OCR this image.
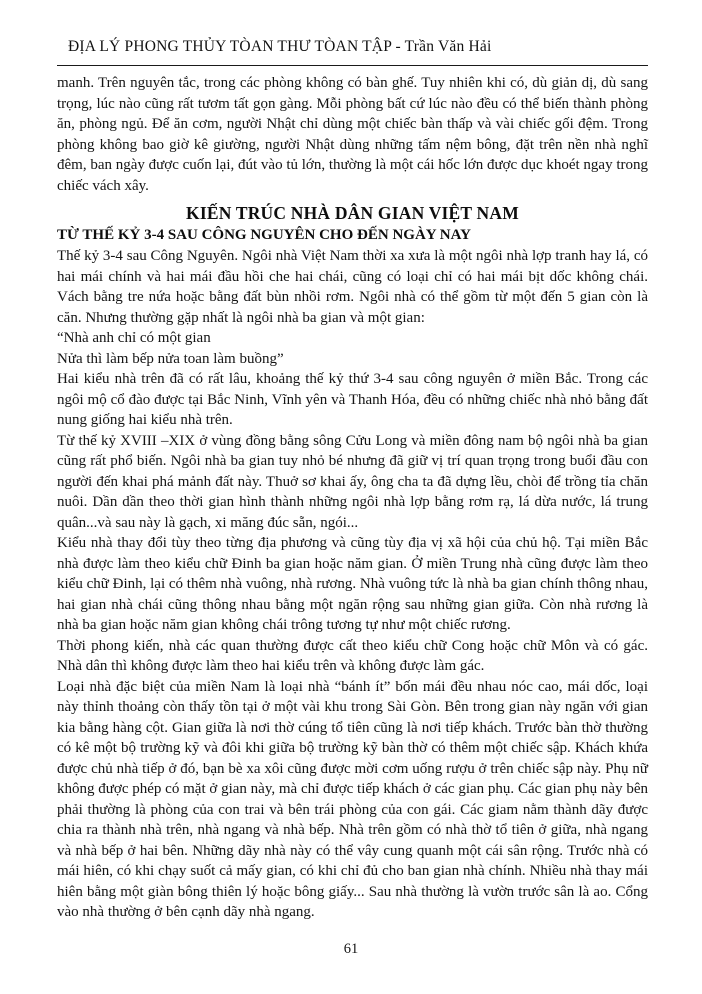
ĐỊA LÝ PHONG THỦY TÒAN THƯ TÒAN TẬP - Trần Văn Hải

manh. Trên nguyên tắc, trong các phòng không có bàn ghế. Tuy nhiên khi có, dù giản dị, dù sang trọng, lúc nào cũng rất tươm tất gọn gàng. Mỗi phòng bất cứ lúc nào đều có thể biến thành phòng ăn, phòng ngủ. Để ăn cơm, người Nhật chỉ dùng một chiếc bàn thấp và vài chiếc gối đệm. Trong phòng không bao giờ kê giường, người Nhật dùng những tấm nệm bông, đặt trên nền nhà nghĩ đêm, ban ngày được cuốn lại, đút vào tủ lớn, thường là một cái hốc lớn được dục khoét ngay trong chiếc vách xây.

KIẾN TRÚC NHÀ DÂN GIAN VIỆT NAM
TỪ THẾ KỶ 3-4 SAU CÔNG NGUYÊN CHO ĐẾN NGÀY NAY

Thế kỷ 3-4 sau Công Nguyên. Ngôi nhà Việt Nam thời xa xưa là một ngôi nhà lợp tranh hay lá, có hai mái chính và hai mái đầu hồi che hai chái, cũng có loại chỉ có hai mái bịt dốc không chái. Vách bằng tre nứa hoặc bằng đất bùn nhồi rơm. Ngôi nhà có thể gồm từ một đến 5 gian còn là căn. Nhưng thường gặp nhất là ngôi nhà ba gian và một gian:

“Nhà anh chỉ có một gian

Nửa thì làm bếp nửa toan làm buồng”

Hai kiểu nhà trên đã có rất lâu, khoảng thế kỷ thứ 3-4 sau công nguyên ở miền Bắc. Trong các ngôi mộ cổ đào được tại Bắc Ninh, Vĩnh yên và Thanh Hóa, đều có những chiếc nhà nhỏ bằng đất nung giống hai kiểu nhà trên.

Từ thế kỷ XVIII –XIX ở vùng đồng bằng sông Cửu Long và miền đông nam bộ ngôi nhà ba gian cũng rất phổ biến. Ngôi nhà ba gian tuy nhỏ bé nhưng đã giữ vị trí quan trọng trong buổi đầu con người đến khai phá mảnh đất này. Thuở sơ khai ấy, ông cha ta đã dựng lều, chòi để trồng tỉa chăn nuôi. Dần dần theo thời gian hình thành những ngôi nhà lợp bằng rơm rạ, lá dừa nước, lá trung quân...và sau này là gạch, xi măng đúc sẵn, ngói...

Kiểu nhà thay đổi tùy theo từng địa phương và cũng tùy địa vị xã hội của chủ hộ. Tại miền Bắc nhà được làm theo kiểu chữ Đinh ba gian hoặc năm gian. Ở miền Trung nhà cũng được làm theo kiểu chữ Đinh, lại có thêm nhà vuông, nhà rương. Nhà vuông tức là nhà ba gian chính thông nhau, hai gian nhà chái cũng thông nhau bằng một ngăn rộng sau những gian giữa. Còn nhà rương là nhà ba gian hoặc năm gian không chái trông tương tự như một chiếc rương.

Thời phong kiến, nhà các quan thường được cất theo kiểu chữ Cong hoặc chữ Môn và có gác. Nhà dân thì không được làm theo hai kiểu trên và không được làm gác.

Loại nhà đặc biệt của miền Nam là loại nhà “bánh ít” bốn mái đều nhau nóc cao, mái dốc, loại này thỉnh thoảng còn thấy tồn tại ở một vài khu trong Sài Gòn. Bên trong gian này ngăn với gian kia bằng hàng cột. Gian giữa là nơi thờ cúng tổ tiên cũng là nơi tiếp khách. Trước bàn thờ thường có kê một bộ trường kỹ và đôi khi giữa bộ trường kỹ bàn thờ có thêm một chiếc sập. Khách khứa được chủ nhà tiếp ở đó, bạn bè xa xôi cũng được mời cơm uống rượu ở trên chiếc sập này. Phụ nữ không được phép có mặt ở gian này, mà chỉ được tiếp khách ở các gian phụ. Các gian phụ này bên phải thường là phòng của con trai và bên trái phòng của con gái. Các giam nằm thành dãy được chia ra thành nhà trên, nhà ngang và nhà bếp. Nhà trên gồm có nhà thờ tổ tiên ở giữa, nhà ngang và nhà bếp ở hai bên. Những dãy nhà này có thể vây cung quanh một cái sân rộng. Trước nhà có mái hiên, có khi chạy suốt cả mấy gian, có khi chỉ đủ cho ban gian nhà chính. Nhiều nhà thay mái hiên bằng một giàn bông thiên lý hoặc bông giấy... Sau nhà thường là vườn trước sân là ao. Cổng vào nhà thường ở bên cạnh dãy nhà ngang.

61
